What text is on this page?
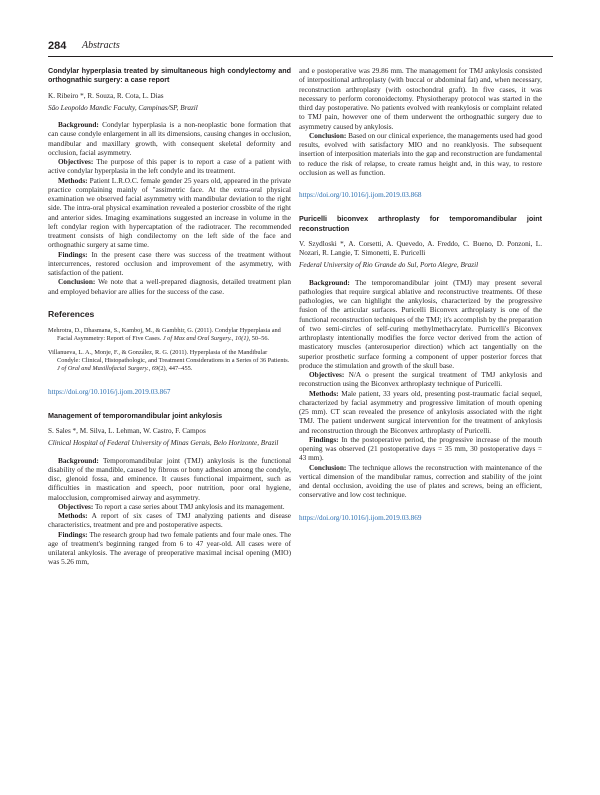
284 Abstracts

Condylar hyperplasia treated by simultaneous high condylectomy and orthognathic surgery: a case report

K. Ribeiro *, R. Souza, R. Cota, L. Dias

São Leopoldo Mandic Faculty, Campinas/SP, Brazil

Background: Condylar hyperplasia is a non-neoplastic bone formation that can cause condyle enlargement in all its dimensions, causing changes in occlusion, mandibular and maxillary growth, with consequent skeletal deformity and occlusion, facial asymmetry.

Objectives: The purpose of this paper is to report a case of a patient with active condylar hyperplasia in the left condyle and its treatment.

Methods: Patient L.R.O.C. female gender 25 years old, appeared in the private practice complaining mainly of "assimetric face. At the extra-oral physical examination we observed facial asymmetry with mandibular deviation to the right side. The intra-oral physical examination revealed a posterior crossbite of the right and anterior sides. Imaging examinations suggested an increase in volume in the left condylar region with hypercaptation of the radiotracer. The recommended treatment consists of high condilectomy on the left side of the face and orthognathic surgery at same time.

Findings: In the present case there was success of the treatment without intercurrences, restored occlusion and improvement of the asymmetry, with satisfaction of the patient.

Conclusion: We note that a well-prepared diagnosis, detailed treatment plan and employed behavior are allies for the success of the case.

References

Mehrotra, D., Dhasmana, S., Kamboj, M., & Gambhir, G. (2011). Condylar Hyperplasia and Facial Asymmetry: Report of Five Cases. J of Max and Oral Surgery., 10(1), 50–56.

Villanueva, L. A., Monje, F., & González, R. G. (2011). Hyperplasia of the Mandibular Condyle: Clinical, Histopathologic, and Treatment Considerations in a Series of 36 Patients. J of Oral and Maxillofacial Surgery., 69(2), 447–455.

https://doi.org/10.1016/j.ijom.2019.03.867

Management of temporomandibular joint ankylosis

S. Sales *, M. Silva, L. Lehman, W. Castro, F. Campos

Clinical Hospital of Federal University of Minas Gerais, Belo Horizonte, Brazil

Background: Temporomandibular joint (TMJ) ankylosis is the functional disability of the mandible, caused by fibrous or bony adhesion among the condyle, disc, glenoid fossa, and eminence. It causes functional impairment, such as difficulties in mastication and speech, poor nutrition, poor oral hygiene, malocclusion, compromised airway and asymmetry.

Objectives: To report a case series about TMJ ankylosis and its management.

Methods: A report of six cases of TMJ analyzing patients and disease characteristics, treatment and pre and postoperative aspects.

Findings: The research group had two female patients and four male ones. The age of treatment's beginning ranged from 6 to 47 year-old. All cases were of unilateral ankylosis. The average of preoperative maximal incisal opening (MIO) was 5.26 mm,

and e postoperative was 29.86 mm. The management for TMJ ankylosis consisted of interpositional arthroplasty (with buccal or abdominal fat) and, when necessary, reconstruction arthroplasty (with ostochondral graft). In five cases, it was necessary to perform coronoidectomy. Physiotherapy protocol was started in the third day postoperative. No patients evolved with reankylosis or complaint related to TMJ pain, however one of them underwent the orthognathic surgery due to asymmetry caused by ankylosis.

Conclusion: Based on our clinical experience, the managements used had good results, evolved with satisfactory MIO and no reanklyosis. The subsequent insertion of interposition materials into the gap and reconstruction are fundamental to reduce the risk of relapse, to create ramus height and, in this way, to restore occlusion as well as function.

https://doi.org/10.1016/j.ijom.2019.03.868

Puricelli biconvex arthroplasty for temporomandibular joint reconstruction

V. Szydloski *, A. Corsetti, A. Quevedo, A. Freddo, C. Bueno, D. Ponzoni, L. Nozari, R. Langie, T. Simonetti, E. Puricelli

Federal University of Rio Grande do Sul, Porto Alegre, Brazil

Background: The temporomandibular joint (TMJ) may present several pathologies that require surgical ablative and reconstructive treatments. Of these pathologies, we can highlight the ankylosis, characterized by the progressive fusion of the articular surfaces. Puricelli Biconvex arthroplasty is one of the functional reconstruction techniques of the TMJ; it's accomplish by the preparation of two semi-circles of self-curing methylmethacrylate. Purricelli's Biconvex arthroplasty intentionally modifies the force vector derived from the action of masticatory muscles (anterosuperior direction) which act tangentially on the superior prosthetic surface forming a component of upper posterior forces that produce the stimulation and growth of the skull base.

Objectives: N/A o present the surgical treatment of TMJ ankylosis and reconstruction using the Biconvex arthroplasty technique of Puricelli.

Methods: Male patient, 33 years old, presenting post-traumatic facial sequel, characterized by facial asymmetry and progressive limitation of mouth opening (25 mm). CT scan revealed the presence of ankylosis associated with the right TMJ. The patient underwent surgical intervention for the treatment of ankylosis and reconstruction through the Biconvex arthroplasty of Puricelli.

Findings: In the postoperative period, the progressive increase of the mouth opening was observed (21 postoperative days = 35 mm, 30 postoperative days = 43 mm).

Conclusion: The technique allows the reconstruction with maintenance of the vertical dimension of the mandibular ramus, correction and stability of the joint and dental occlusion, avoiding the use of plates and screws, being an efficient, conservative and low cost technique.

https://doi.org/10.1016/j.ijom.2019.03.869
